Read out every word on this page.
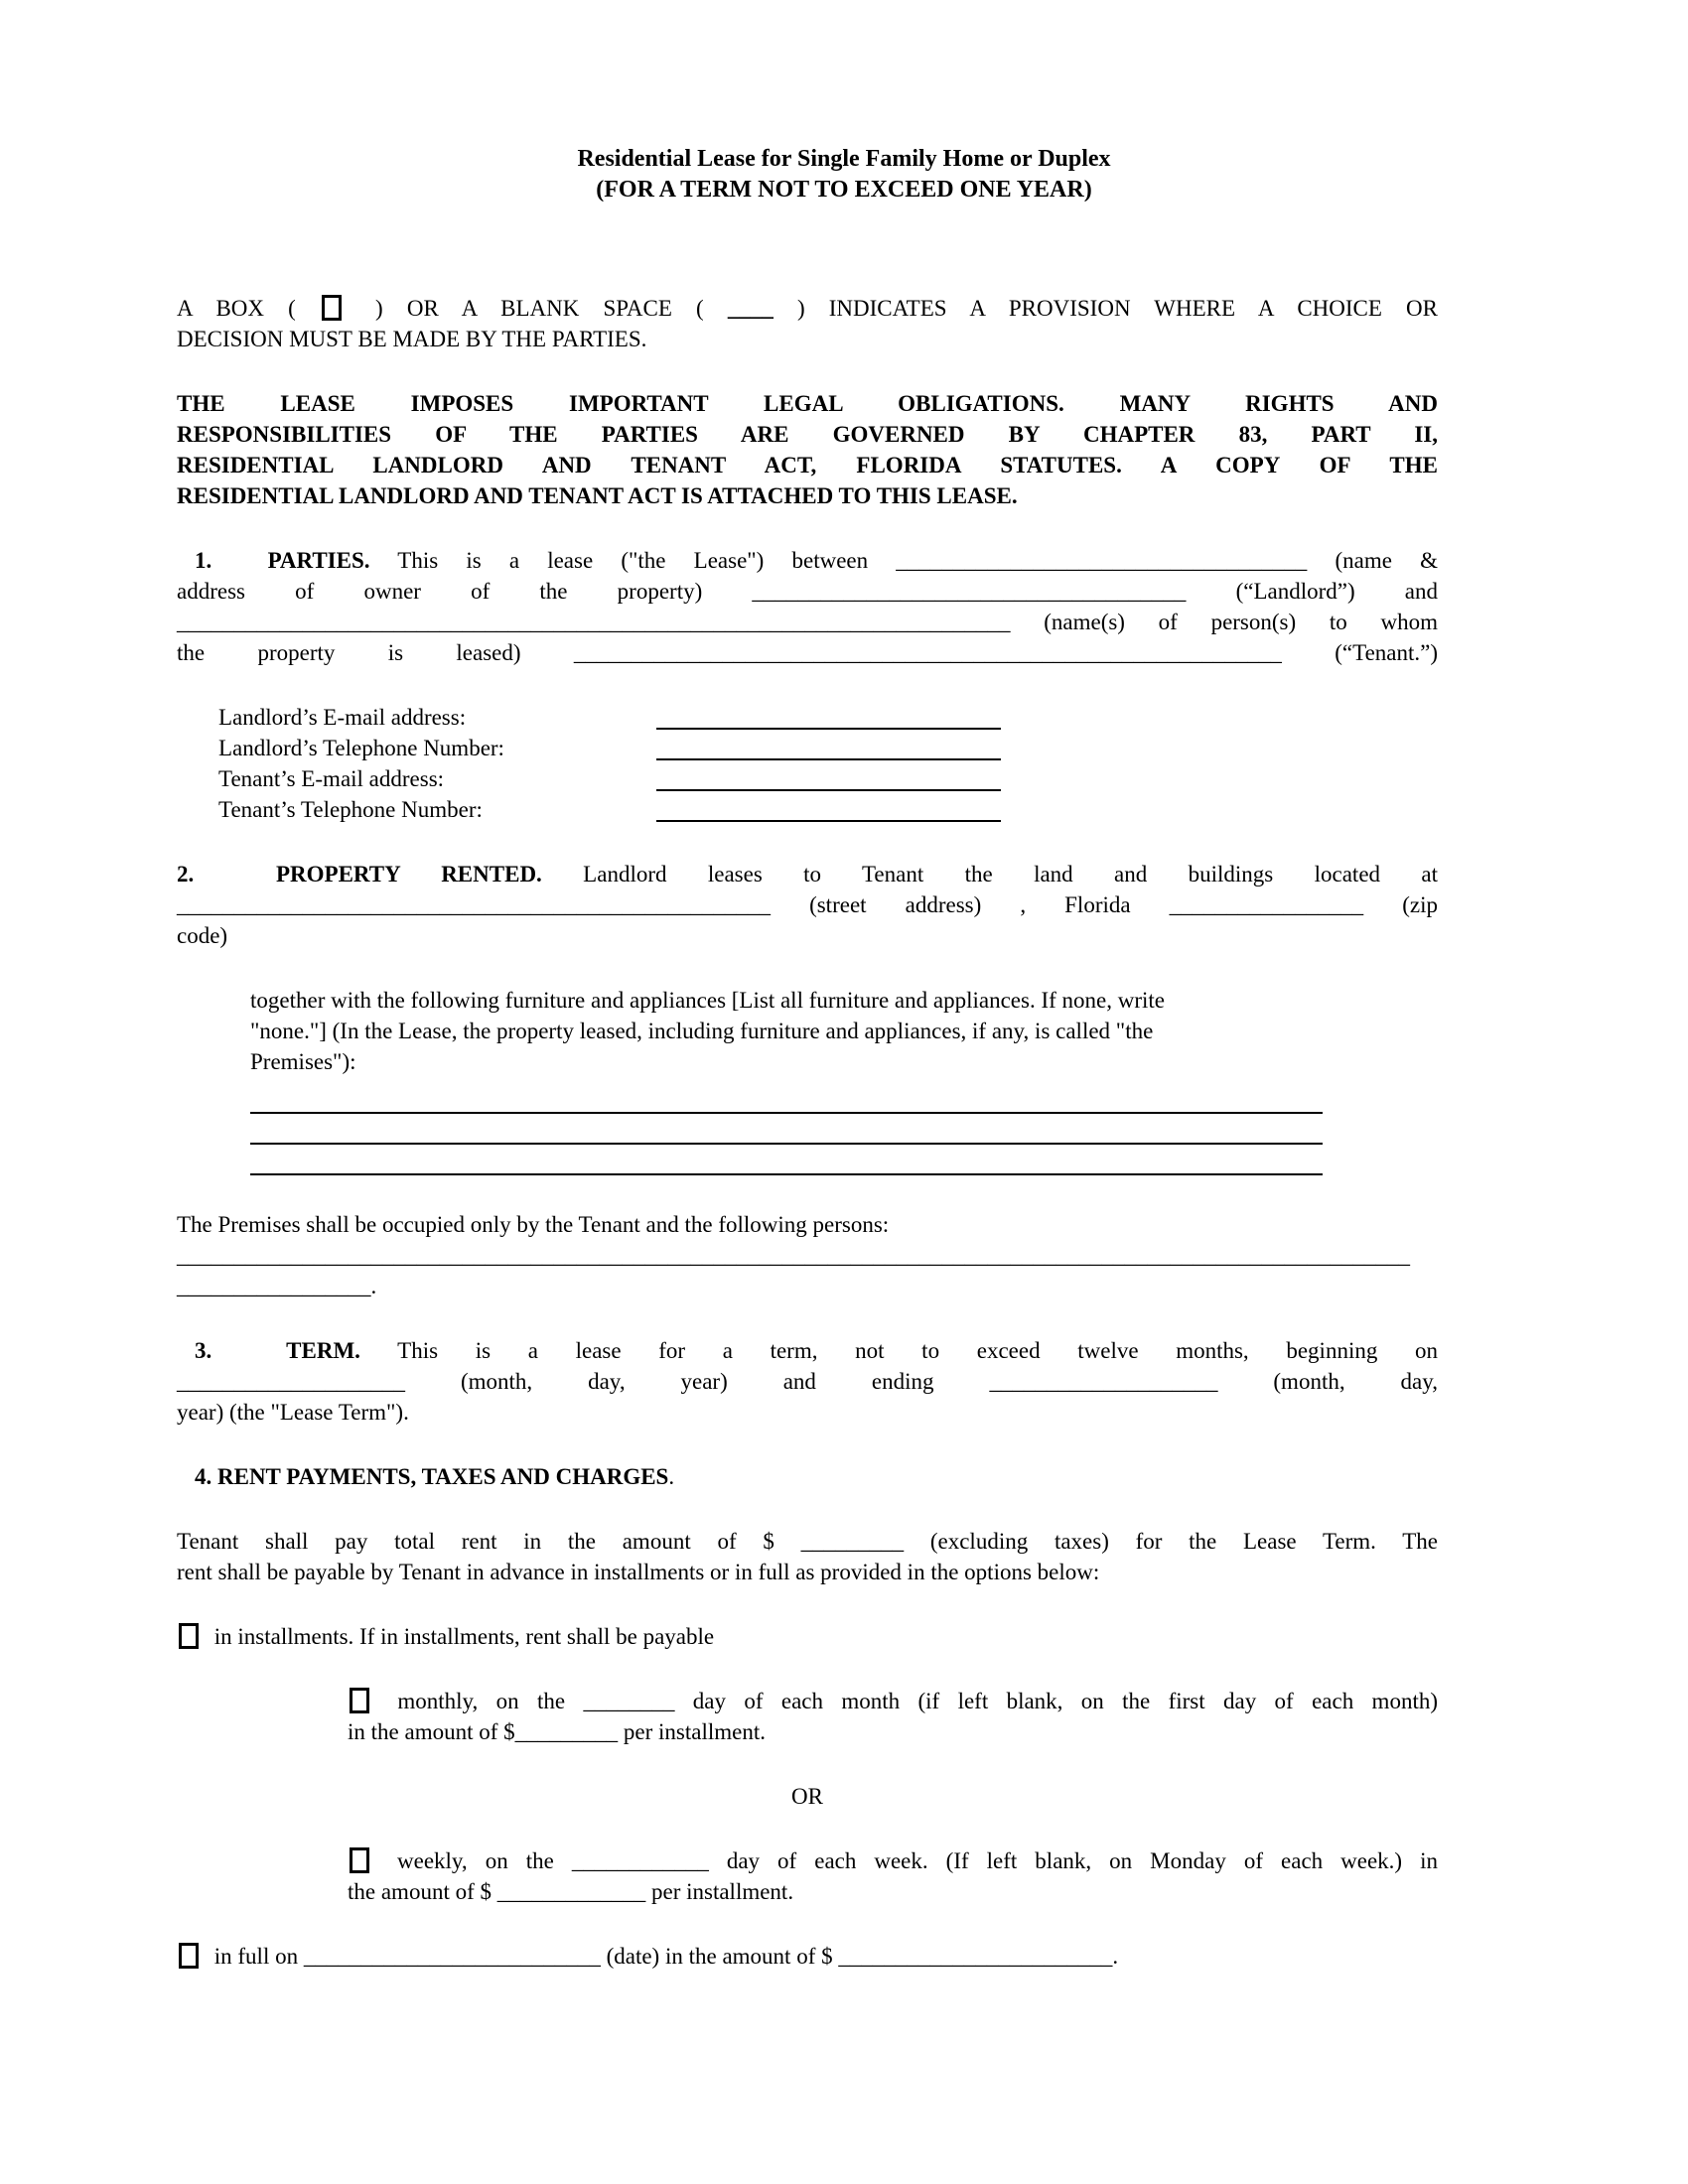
Residential Lease for Single Family Home or Duplex
(FOR A TERM NOT TO EXCEED ONE YEAR)
A BOX (  ) OR A BLANK SPACE ( ____ ) INDICATES A PROVISION WHERE A CHOICE OR
DECISION MUST BE MADE BY THE PARTIES.
THE LEASE IMPOSES IMPORTANT LEGAL OBLIGATIONS. MANY RIGHTS AND
RESPONSIBILITIES OF THE PARTIES ARE GOVERNED BY CHAPTER 83, PART II,
RESIDENTIAL LANDLORD AND TENANT ACT, FLORIDA STATUTES. A COPY OF THE
RESIDENTIAL LANDLORD AND TENANT ACT IS ATTACHED TO THIS LEASE.
1.  PARTIES. This is a lease ("the Lease") between ____________________________________ (name &
address of owner of the property) ______________________________________ (“Landlord”) and
_________________________________________________________________________ (name(s) of person(s) to whom
the property is leased) ______________________________________________________________ (“Tenant.”)
Landlord’s E-mail address:
Landlord’s Telephone Number:
Tenant’s E-mail address:
Tenant’s Telephone Number:
2.  PROPERTY RENTED. Landlord leases to Tenant the land and buildings located at
____________________________________________________ (street address) , Florida _________________ (zip
code)
together with the following furniture and appliances [List all furniture and appliances. If none, write
"none."] (In the Lease, the property leased, including furniture and appliances, if any, is called "the
Premises"):
The Premises shall be occupied only by the Tenant and the following persons:
____________________________________________________________________________________________________________
_________________.
3.  TERM. This is a lease for a term, not to exceed twelve months, beginning on
____________________ (month, day, year) and ending ____________________ (month, day,
year) (the "Lease Term").
4. RENT PAYMENTS, TAXES AND CHARGES.
Tenant shall pay total rent in the amount of $ _________ (excluding taxes) for the Lease Term. The
rent shall be payable by Tenant in advance in installments or in full as provided in the options below:
in installments. If in installments, rent shall be payable
monthly, on the ________ day of each month (if left blank, on the first day of each month)
in the amount of $_________ per installment.
OR
weekly, on the ____________ day of each week. (If left blank, on Monday of each week.) in
the amount of $ _____________ per installment.
in full on __________________________ (date) in the amount of $ ________________________.
